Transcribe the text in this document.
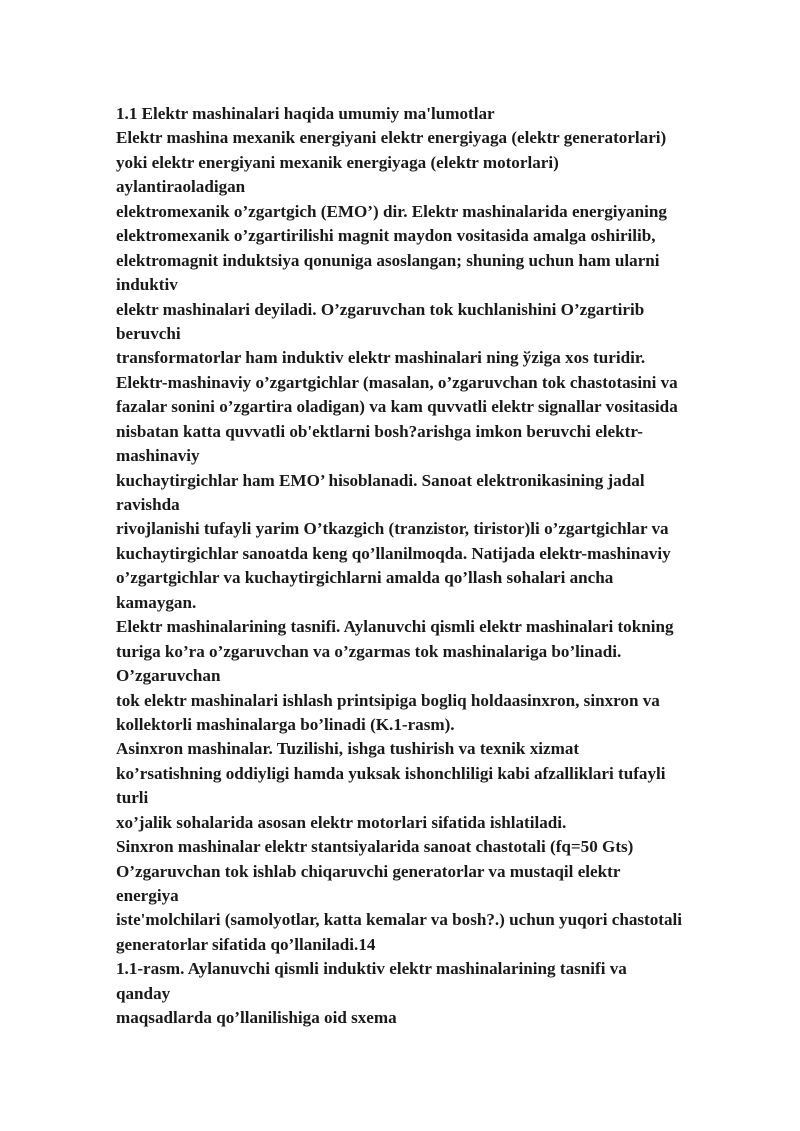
1.1 Elektr mashinalari haqida umumiy ma'lumotlar
Elektr mashina mexanik energiyani elektr energiyaga (elektr generatorlari)
yoki elektr energiyani mexanik energiyaga (elektr motorlari)
aylantiraoladigan
elektromexanik o’zgartgich (EMO’) dir. Elektr mashinalarida energiyaning
elektromexanik o’zgartirilishi magnit maydon vositasida amalga oshirilib,
elektromagnit induktsiya qonuniga asoslangan; shuning uchun ham ularni
induktiv
elektr mashinalari deyiladi. O’zgaruvchan tok kuchlanishini O’zgartirib
beruvchi
transformatorlar ham induktiv elektr mashinalari ning ўziga xos turidir.
Elektr-mashinaviy o’zgartgichlar (masalan, o’zgaruvchan tok chastotasini va
fazalar sonini o’zgartira oladigan) va kam quvvatli elektr signallar vositasida
nisbatan katta quvvatli ob'ektlarni bosh?arishga imkon beruvchi elektr-
mashinaviy
kuchaytirgichlar ham EMO’ hisoblanadi. Sanoat elektronikasining jadal
ravishda
rivojlanishi tufayli yarim O’tkazgich (tranzistor, tiristor)li o’zgartgichlar va
kuchaytirgichlar sanoatda keng qo’llanilmoqda. Natijada elektr-mashinaviy
o’zgartgichlar va kuchaytirgichlarni amalda qo’llash sohalari ancha
kamaygan.
Elektr mashinalarining tasnifi. Aylanuvchi qismli elektr mashinalari tokning
turiga ko’ra o’zgaruvchan va o’zgarmas tok mashinalariga bo’linadi.
O’zgaruvchan
tok elektr mashinalari ishlash printsipiga bogliq holdaasinxron, sinxron va
kollektorli mashinalarga bo’linadi (K.1-rasm).
Asinxron mashinalar. Tuzilishi, ishga tushirish va texnik xizmat
ko’rsatishning oddiyligi hamda yuksak ishonchliligi kabi afzalliklari tufayli
turli
xo’jalik sohalarida asosan elektr motorlari sifatida ishlatiladi.
Sinxron mashinalar elektr stantsiyalarida sanoat chastotali (fq=50 Gts)
O’zgaruvchan tok ishlab chiqaruvchi generatorlar va mustaqil elektr
energiya
iste'molchilari (samolyotlar, katta kemalar va bosh?.) uchun yuqori chastotali
generatorlar sifatida qo’llaniladi.14
1.1-rasm. Aylanuvchi qismli induktiv elektr mashinalarining tasnifi va
qanday
maqsadlarda qo’llanilishiga oid sxema
